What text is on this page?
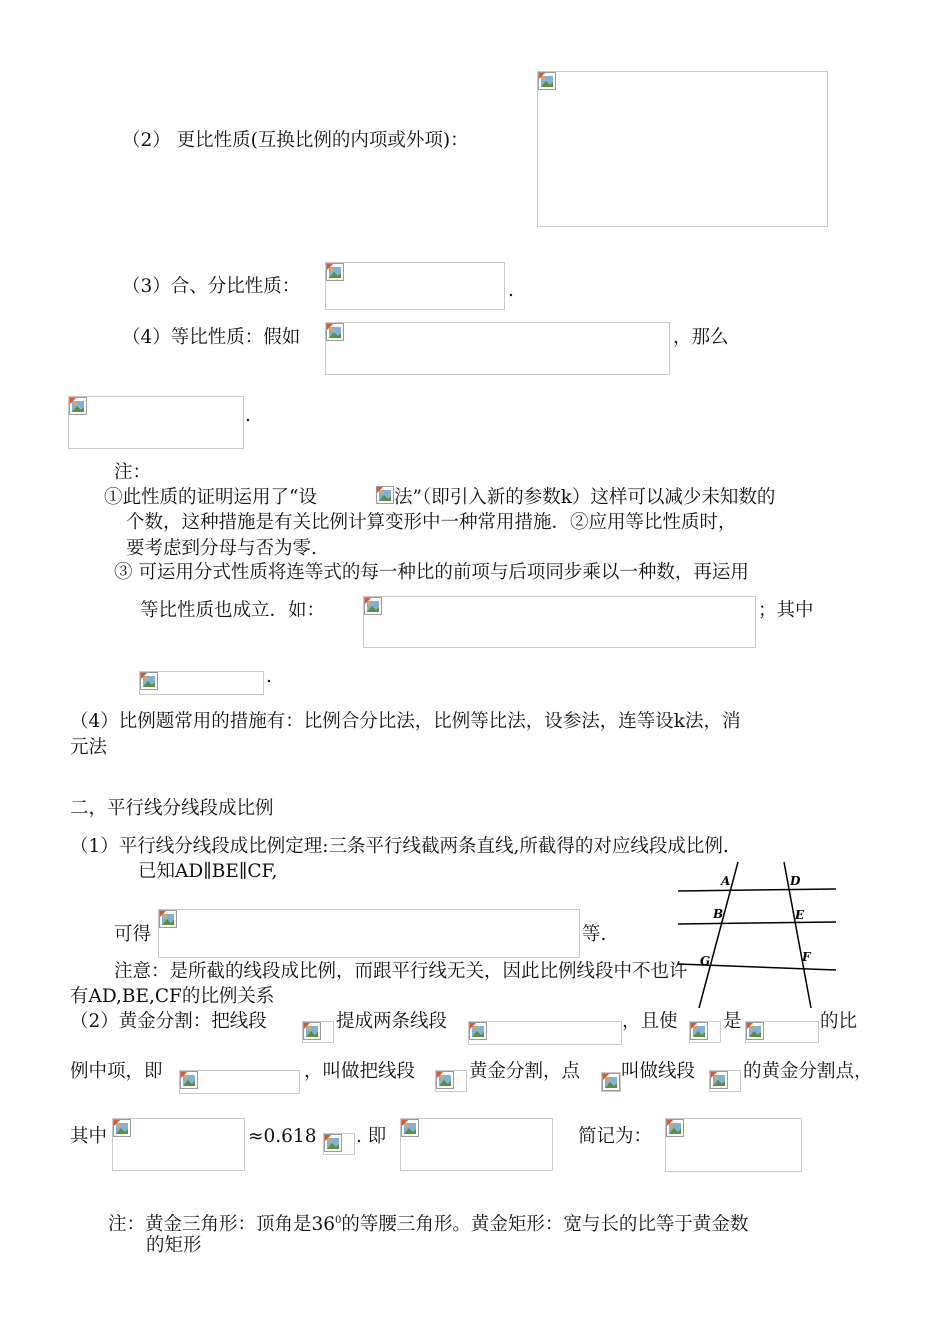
（2） 更比性质(互换比例的内项或外项)：
（3）合、分比性质：	.
（4）等比性质：假如	，那么
.
注：
①此性质的证明运用了“设	法”（即引入新的参数k）这样可以减少未知数的
个数，这种措施是有关比例计算变形中一种常用措施．②应用等比性质时，
要考虑到分母与否为零.
③ 可运用分式性质将连等式的每一种比的前项与后项同步乘以一种数，再运用
等比性质也成立．如：	；其中
.
（4）比例题常用的措施有：比例合分比法，比例等比法，设参法，连等设k法，消
元法
二，平行线分线段成比例
（1）平行线分线段成比例定理:三条平行线截两条直线,所截得的对应线段成比例.
已知AD∥BE∥CF,	A	D
B	E
G	F
可得	等.
注意：是所截的线段成比例，而跟平行线无关，因此比例线段中不也许
有AD,BE,CF的比例关系
（2）黄金分割：把线段	提成两条线段	，且使 是	的比
例中项，即	，叫做把线段	黄金分割，点 叫做线段	的黄金分割点，
其中	≈0.618 . 即	简记为：
注：黄金三角形：顶角是$36^0$的等腰三角形。黄金矩形：宽与长的比等于黄金数
的矩形
